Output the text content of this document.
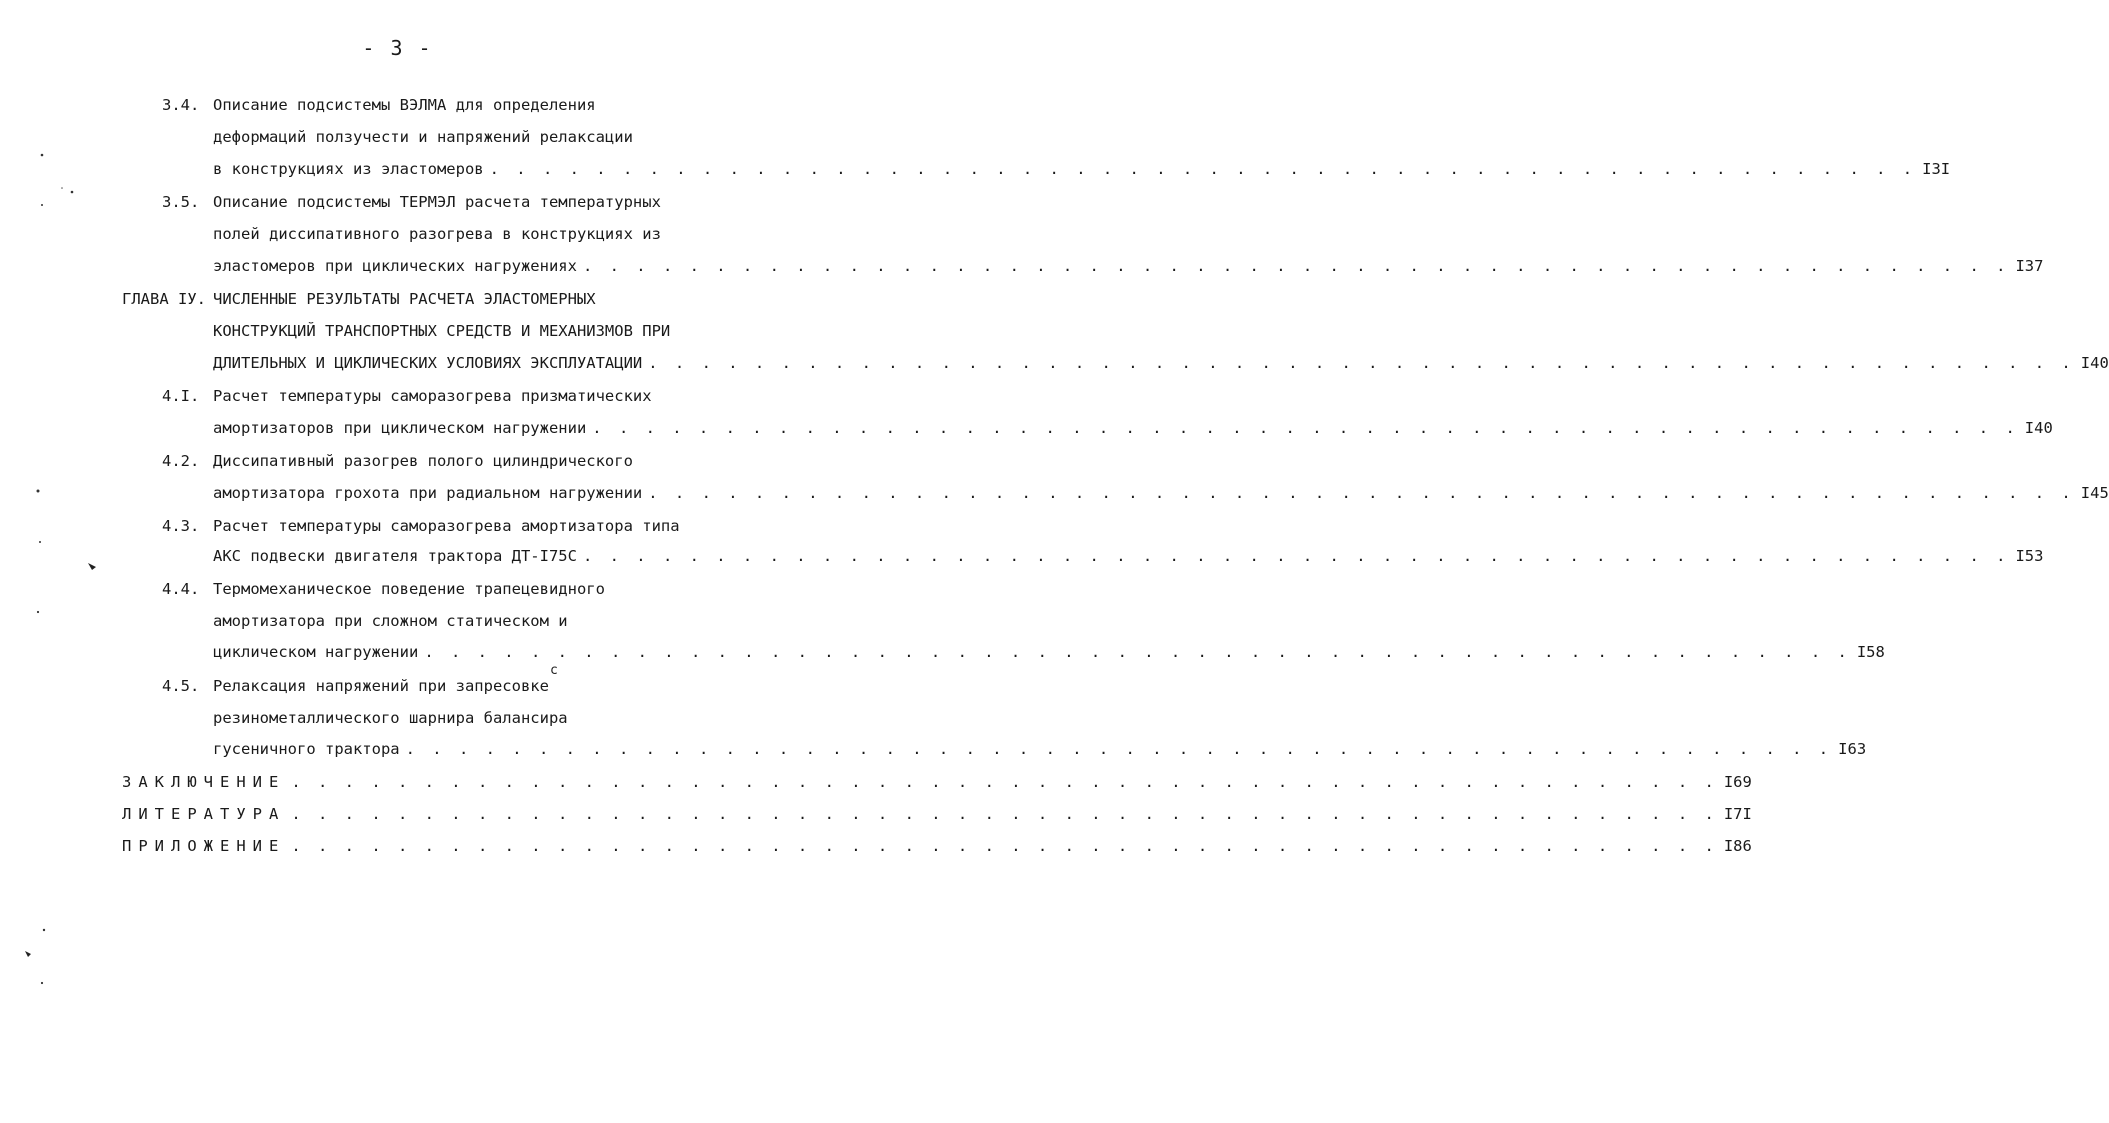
- 3 -
3.4. Описание подсистемы ВЭЛМА для определения
деформаций ползучести и напряжений релаксации
в конструкциях из эластомеров . . . . . . . . . . . . . . . . . . . . . . . . . . . . . . . . . . . . . . . . . . . . . . . . . . . . . . I3I
3.5. Описание подсистемы ТЕРМЭЛ расчета температурных
полей диссипативного разогрева в конструкциях из
эластомеров при циклических нагружениях . . . . . . . . . . . . . . . . . . . . . . . . . . . . . . . . . . . . . . . . . . . . . . . . . . . . . . I37
ГЛАВА IУ. ЧИСЛЕННЫЕ РЕЗУЛЬТАТЫ РАСЧЕТА ЭЛАСТОМЕРНЫХ
КОНСТРУКЦИЙ ТРАНСПОРТНЫХ СРЕДСТВ И МЕХАНИЗМОВ ПРИ
ДЛИТЕЛЬНЫХ И ЦИКЛИЧЕСКИХ УСЛОВИЯХ ЭКСПЛУАТАЦИИ . . . . . . . . . . . . . . . . . . . . . . . . . . . . . . . . . . . . . . . . . . . . . . . . . . . . . . I40
4.I. Расчет температуры саморазогрева призматических
амортизаторов при циклическом нагружении . . . . . . . . . . . . . . . . . . . . . . . . . . . . . . . . . . . . . . . . . . . . . . . . . . . . . . I40
4.2. Диссипативный разогрев полого цилиндрического
амортизатора грохота при радиальном нагружении . . . . . . . . . . . . . . . . . . . . . . . . . . . . . . . . . . . . . . . . . . . . . . . . . . . . . . I45
4.3. Расчет температуры саморазогрева амортизатора типа
АКС подвески двигателя трактора ДТ-I75С . . . . . . . . . . . . . . . . . . . . . . . . . . . . . . . . . . . . . . . . . . . . . . . . . . . . . . I53
4.4. Термомеханическое поведение трапецевидного
амортизатора при сложном статическом и
циклическом нагружении . . . . . . . . . . . . . . . . . . . . . . . . . . . . . . . . . . . . . . . . . . . . . . . . . . . . . . I58
4.5. Релаксация напряжений при запресовке
с
резинометаллического шарнира балансира
гусеничного трактора . . . . . . . . . . . . . . . . . . . . . . . . . . . . . . . . . . . . . . . . . . . . . . . . . . . . . . I63
ЗАКЛЮЧЕНИЕ . . . . . . . . . . . . . . . . . . . . . . . . . . . . . . . . . . . . . . . . . . . . . . . . . . . . . . I69
ЛИТЕРАТУРА . . . . . . . . . . . . . . . . . . . . . . . . . . . . . . . . . . . . . . . . . . . . . . . . . . . . . . I7I
ПРИЛОЖЕНИЕ . . . . . . . . . . . . . . . . . . . . . . . . . . . . . . . . . . . . . . . . . . . . . . . . . . . . . . I86
